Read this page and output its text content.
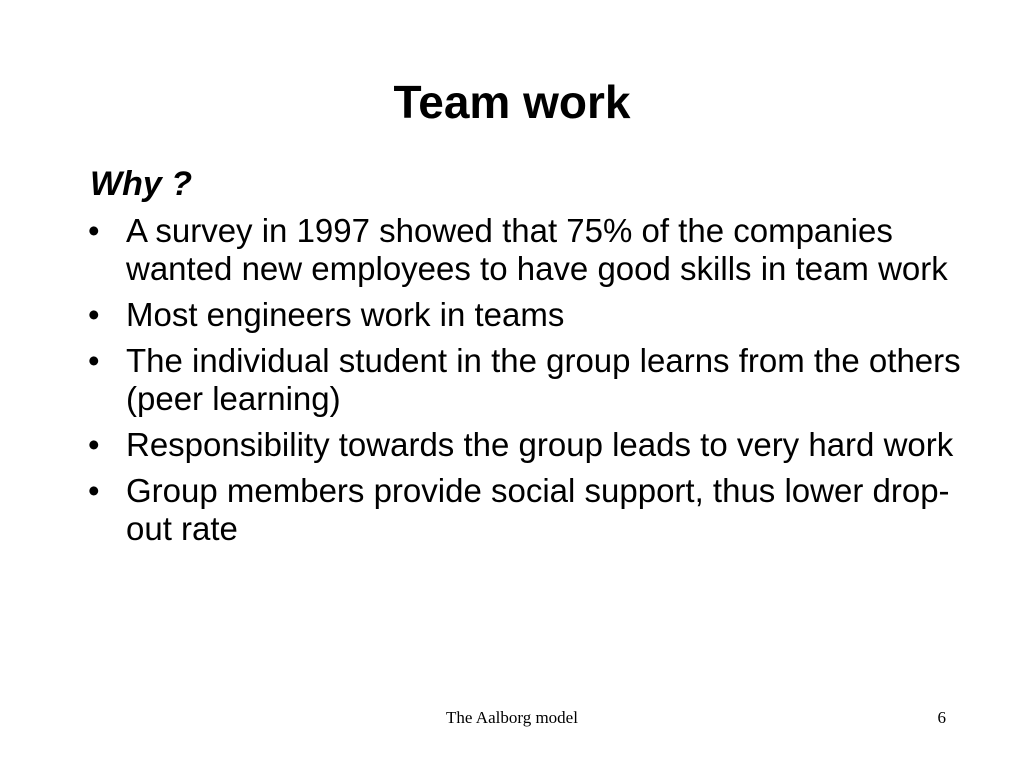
Team work
Why ?
• A survey in 1997 showed that 75% of the companies wanted new employees to have good skills in team work
• Most engineers work in teams
• The individual student in the group learns from the others (peer learning)
• Responsibility towards the group leads to very hard work
• Group members provide social support, thus lower drop-out rate
The Aalborg model	6
